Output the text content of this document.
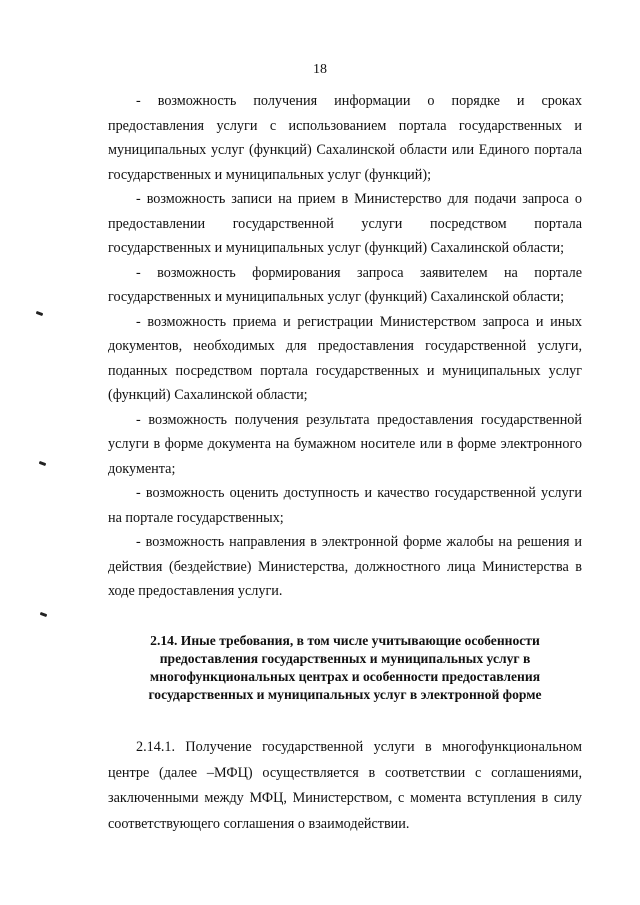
18

- возможность получения информации о порядке и сроках предоставления услуги с использованием портала государственных и муниципальных услуг (функций) Сахалинской области или Единого портала государственных и муниципальных услуг (функций);

- возможность записи на прием в Министерство для подачи запроса о предоставлении государственной услуги посредством портала государственных и муниципальных услуг (функций) Сахалинской области;

- возможность формирования запроса заявителем на портале государственных и муниципальных услуг (функций) Сахалинской области;

- возможность приема и регистрации Министерством запроса и иных документов, необходимых для предоставления государственной услуги, поданных посредством портала государственных и муниципальных услуг (функций) Сахалинской области;

- возможность получения результата предоставления государственной услуги в форме документа на бумажном носителе или в форме электронного документа;

- возможность оценить доступность и качество государственной услуги на портале государственных;

- возможность направления в электронной форме жалобы на решения и действия (бездействие) Министерства, должностного лица Министерства в ходе предоставления услуги.

2.14. Иные требования, в том числе учитывающие особенности
предоставления государственных и муниципальных услуг в
многофункциональных центрах и особенности предоставления
государственных и муниципальных услуг в электронной форме

2.14.1. Получение государственной услуги в многофункциональном центре (далее –МФЦ) осуществляется в соответствии с соглашениями, заключенными между МФЦ, Министерством, с момента вступления в силу соответствующего соглашения о взаимодействии.
